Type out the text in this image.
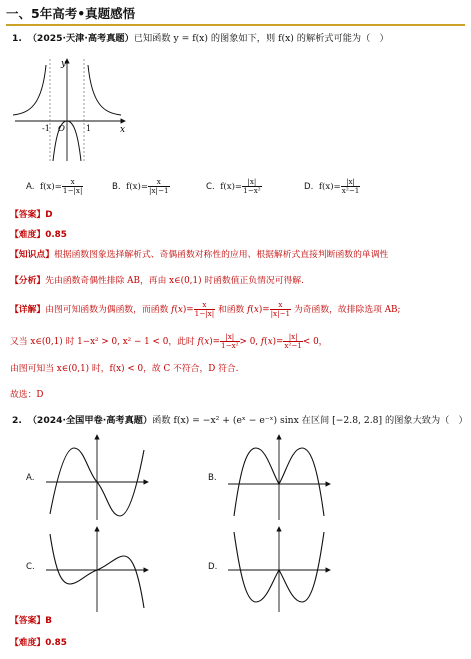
一、5年高考•真题感悟
1. （2025·天津·高考真题）已知函数 y = f(x) 的图象如下，则 f(x) 的解析式可能为（　）
y
x
O
-1	1
A. $f(x)= \frac{x}{1-|x|}$	B. $f(x)= \frac{x}{|x|-1}$	C. $f(x)= \frac{|x|}{\text{1−x²}}$	D. $f(x)= \frac{|x|}{\text{x²−1}}$
【答案】D
【难度】0.85
【知识点】根据函数图象选择解析式、奇偶函数对称性的应用、根据解析式直接判断函数的单调性
【分析】先由函数奇偶性排除 AB，再由 x∈(0,1) 时函数值正负情况可得解.
【详解】由图可知函数为偶函数，而函数 $f(x)= \frac{x}{1-|x|}$ 和函数 $f(x)= \frac{x}{|x|-1}$ 为奇函数，故排除选项 AB;
又当 x∈(0,1) 时 1−x² > 0, x² − 1 < 0，此时 $f(x)= \frac{|x|}{\text{1−x²}} > 0$, $f(x)= \frac{|x|}{\text{x²−1}} < 0$，
由图可知当 x∈(0,1) 时，f(x) < 0，故 C 不符合，D 符合.
故选：D
2. （2024·全国甲卷·高考真题）函数 f(x) = −x² + (eˣ − e⁻ˣ) sinx 在区间 [−2.8, 2.8] 的图象大致为（　）
A.	B.
C.	D.
【答案】B
【难度】0.85
